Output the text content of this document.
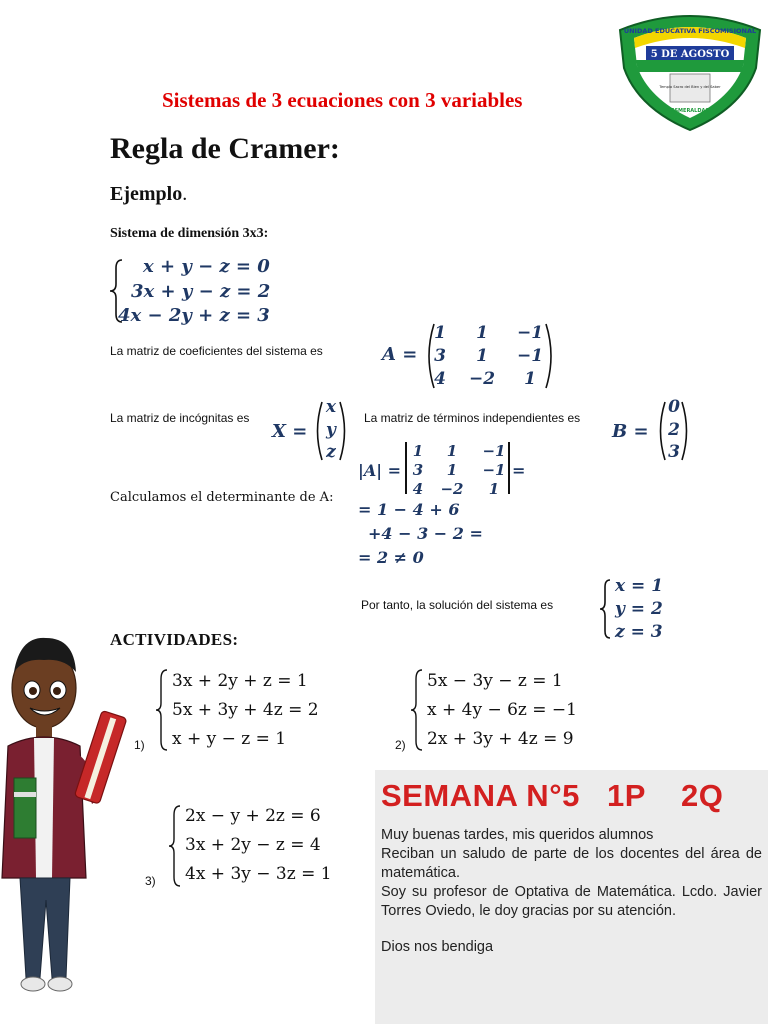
UNIDAD EDUCATIVA FISCOMISIONAL
5 DE AGOSTO
Templo Sacro del Bien y del Saber
ESMERALDAS
Sistemas de 3 ecuaciones con 3 variables
Regla de Cramer:
Ejemplo.
Sistema de dimensión 3x3:
x + y − z = 0
3x + y − z = 2
4x − 2y + z = 3
La matriz de coeficientes del sistema es	A =
1	1	−1
3	1	−1
4	−2	1
La matriz de incógnitas es
X =
x
y
z
La matriz de términos independientes es
B =
0
2
3
|A| =
1	1	−1
3	1	−1
4	−2	1
=
Calculamos el determinante de A:
= 1 − 4 + 6
+4 − 3 − 2 =
= 2 ≠ 0
Por tanto, la solución del sistema es
x = 1
y = 2
z = 3
ACTIVIDADES:
3x + 2y + z = 1
5x + 3y + 4z = 2
x + y − z = 1
1)
5x − 3y − z = 1
x + 4y − 6z = −1
2x + 3y + 4z = 9
2)
2x − y + 2z = 6
3x + 2y − z = 4
4x + 3y − 3z = 1
3)
SEMANA N°5 1P 2Q

Muy buenas tardes, mis queridos alumnos

Reciban un saludo de parte de los docentes del área de matemática.

Soy su profesor de Optativa de Matemática. Lcdo. Javier Torres Oviedo, le doy gracias por su atención.

Dios nos bendiga
